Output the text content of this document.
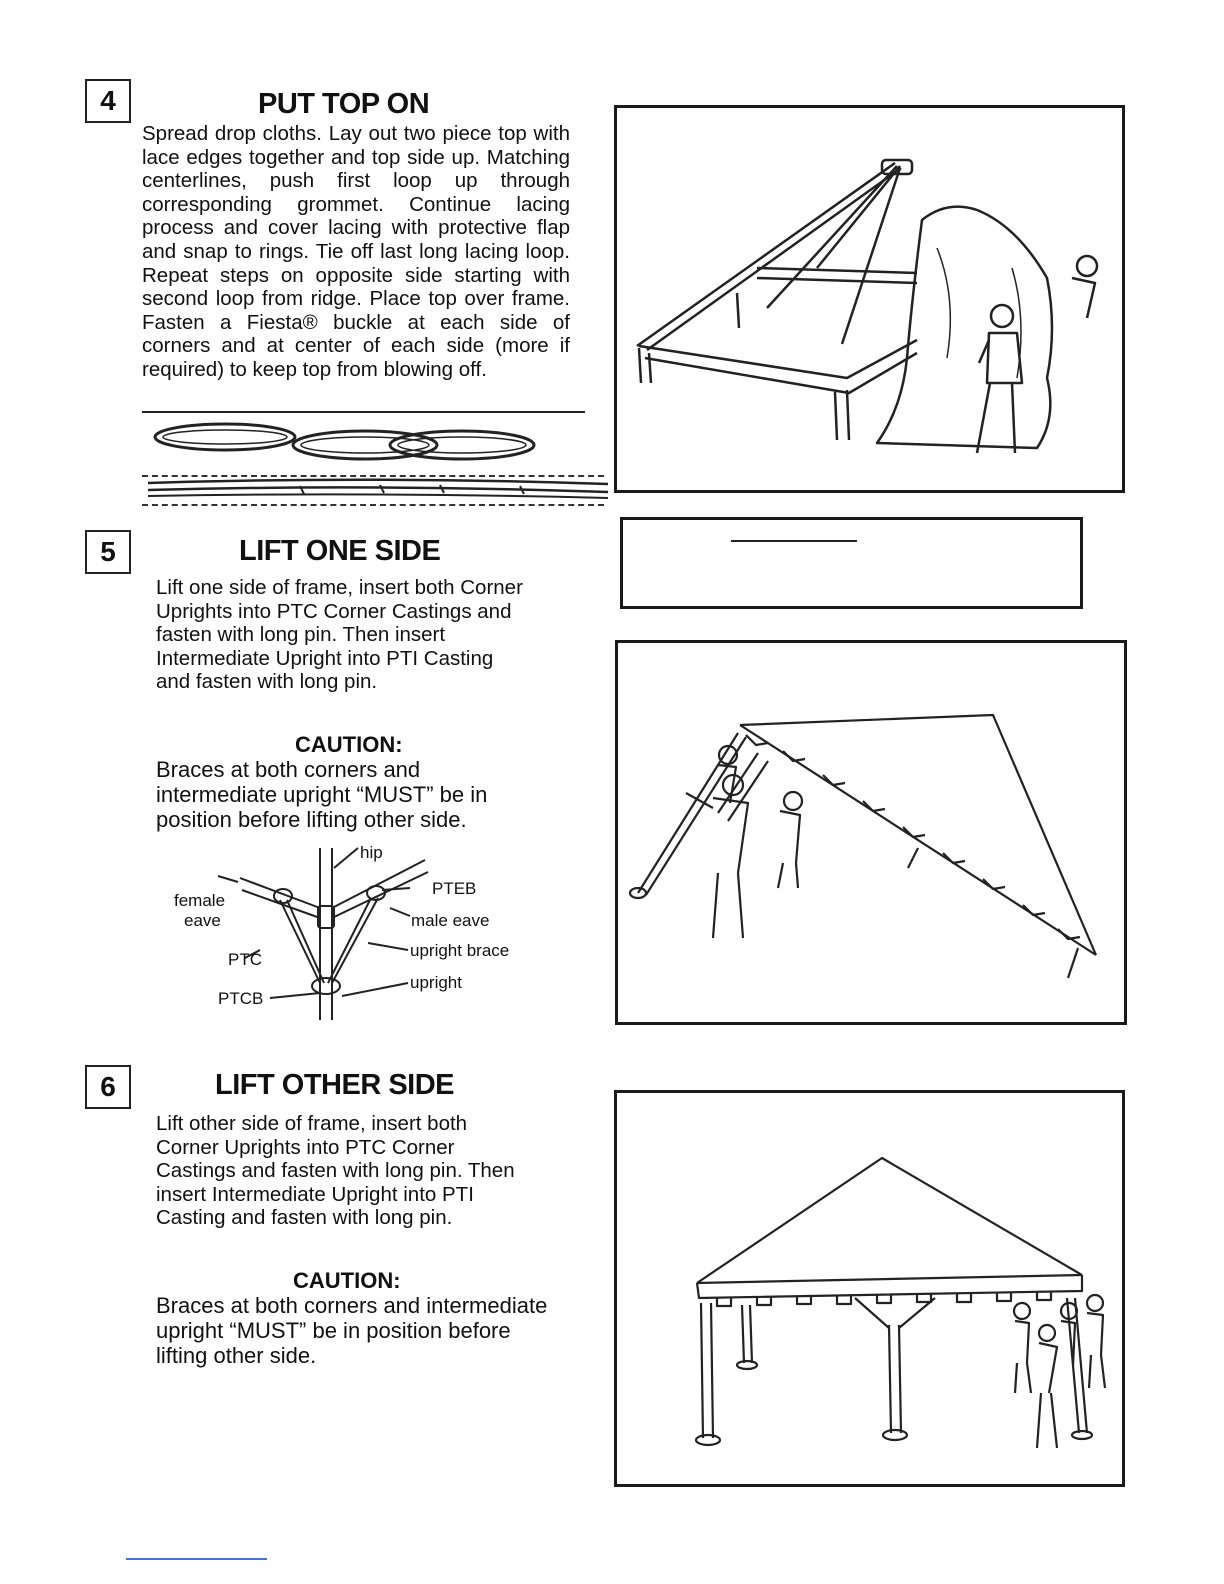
4	PUT TOP ON
Spread drop cloths. Lay out two piece top with lace edges together and top side up. Matching centerlines, push first loop up through corresponding grommet. Continue lacing process and cover lacing with protective flap and snap to rings. Tie off last long lacing loop. Repeat steps on opposite side starting with second loop from ridge. Place top over frame. Fasten a Fiesta® buckle at each side of corners and at center of each side (more if required) to keep top from blowing off.
5	LIFT ONE SIDE
Lift one side of frame, insert both Corner Uprights into PTC Corner Castings and fasten with long pin. Then insert Intermediate Upright into PTI Casting and fasten with long pin.
CAUTION:
Braces at both corners and intermediate upright “MUST” be in position before lifting other side.
hip
PTEB
female
eave	male eave
PTC	upright brace
PTCB
upright
6	LIFT OTHER SIDE
Lift other side of frame, insert both Corner Uprights into PTC Corner Castings and fasten with long pin. Then insert Intermediate Upright into PTI Casting and fasten with long pin.
CAUTION:
Braces at both corners and intermediate upright “MUST” be in position before lifting other side.
